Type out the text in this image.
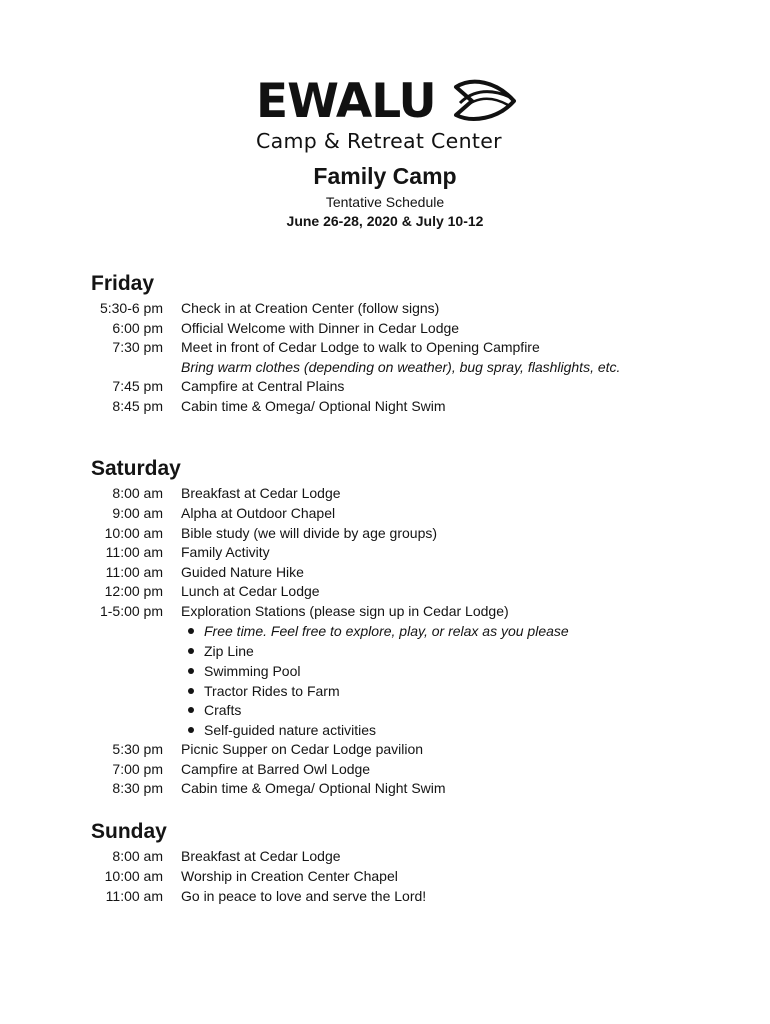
EWALU
Camp & Retreat Center
Family Camp
Tentative Schedule
June 26-28, 2020 & July 10-12
Friday
5:30-6 pm Check in at Creation Center (follow signs)
6:00 pm Official Welcome with Dinner in Cedar Lodge
7:30 pm Meet in front of Cedar Lodge to walk to Opening Campfire
Bring warm clothes (depending on weather), bug spray, flashlights, etc.
7:45 pm Campfire at Central Plains
8:45 pm Cabin time & Omega/ Optional Night Swim
Saturday
8:00 am Breakfast at Cedar Lodge
9:00 am Alpha at Outdoor Chapel
10:00 am Bible study (we will divide by age groups)
11:00 am Family Activity
11:00 am Guided Nature Hike
12:00 pm Lunch at Cedar Lodge
1-5:00 pm Exploration Stations (please sign up in Cedar Lodge)
Free time. Feel free to explore, play, or relax as you please
Zip Line
Swimming Pool
Tractor Rides to Farm
Crafts
Self-guided nature activities
5:30 pm Picnic Supper on Cedar Lodge pavilion
7:00 pm Campfire at Barred Owl Lodge
8:30 pm Cabin time & Omega/ Optional Night Swim
Sunday
8:00 am Breakfast at Cedar Lodge
10:00 am Worship in Creation Center Chapel
11:00 am Go in peace to love and serve the Lord!
